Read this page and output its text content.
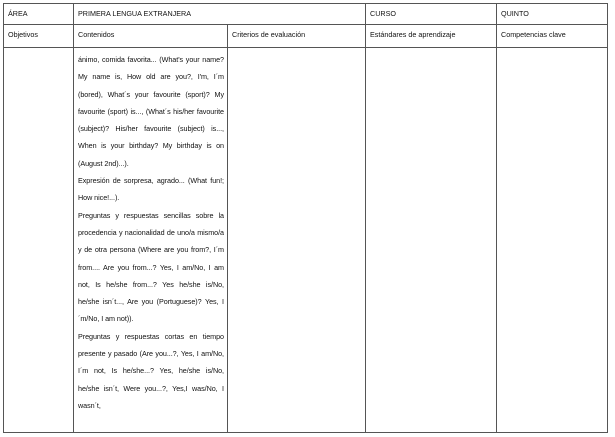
ÁREA	PRIMERA LENGUA EXTRANJERA		CURSO	QUINTO

Objetivos	Contenidos	Criterios de evaluación	Estándares de aprendizaje	Competencias clave

	ánimo, comida favorita... (What's your name? My name is, How old are you?, I'm, I´m (bored), What´s your favourite (sport)? My favourite (sport) is..., (What´s his/her favourite (subject)? His/her favourite (subject) is..., When is your birthday? My birthday is on (August 2nd)...).
Expresión de sorpresa, agrado... (What fun!; How nice!...).
Preguntas y respuestas sencillas sobre la procedencia y nacionalidad de uno/a mismo/a y de otra persona (Where are you from?, I´m from.... Are you from...? Yes, I am/No, I am not, Is he/she from...? Yes he/she is/No, he/she isn´t..., Are you (Portuguese)? Yes, I´m/No, I am not)).
Preguntas y respuestas cortas en tiempo presente y pasado (Are you...?, Yes, I am/No, I´m not, Is he/she...? Yes, he/she is/No, he/she isn´t, Were you...?, Yes,I was/No, I wasn´t,			
